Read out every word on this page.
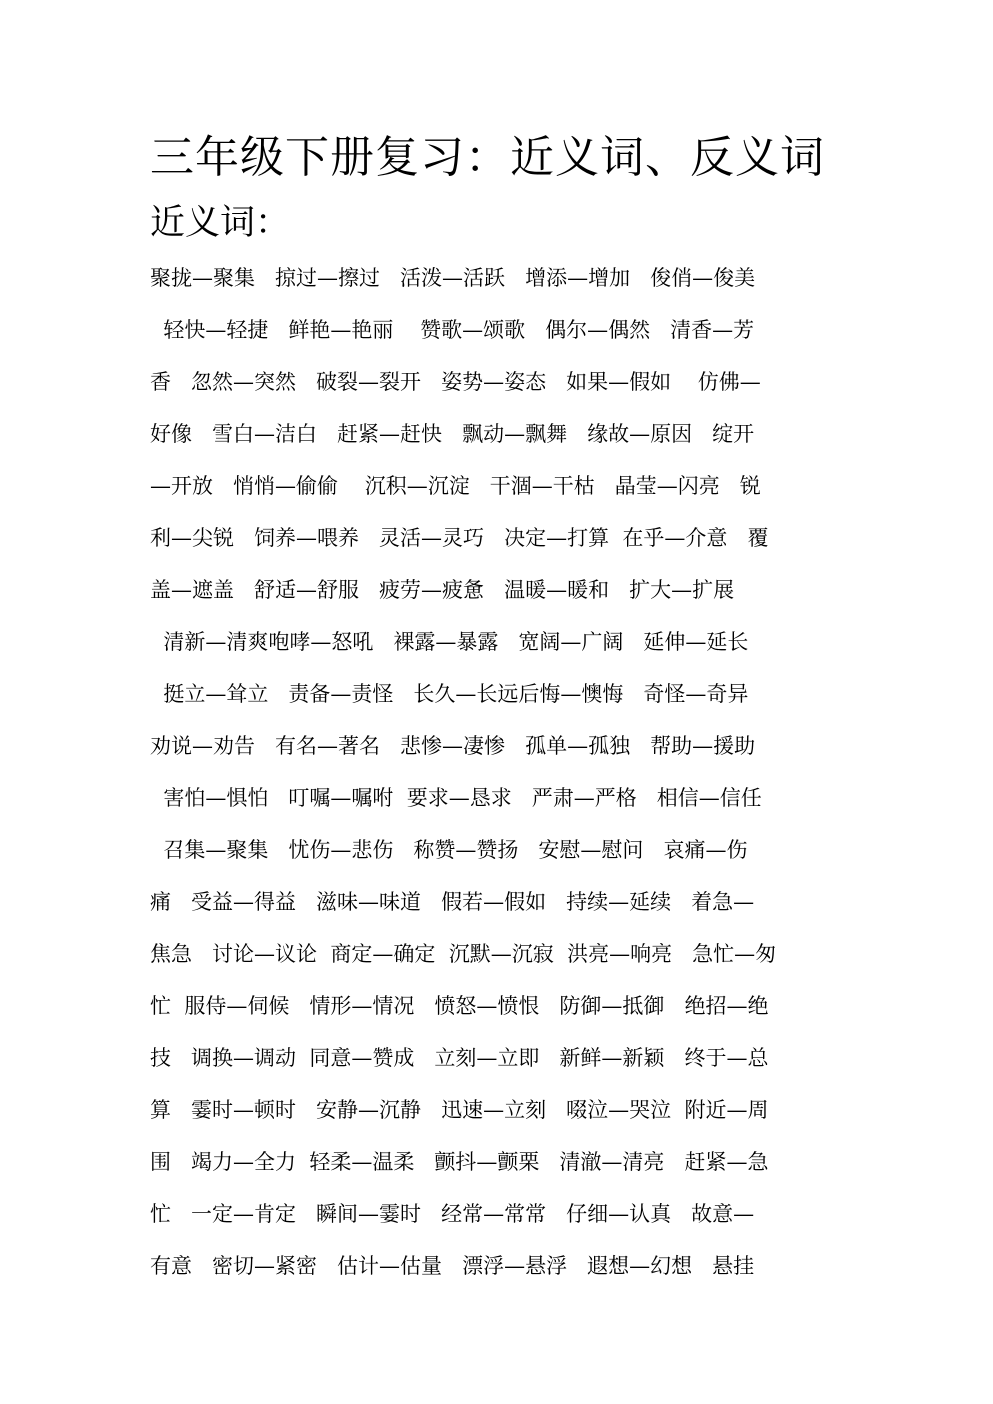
三年级下册复习：近义词、反义词
近义词：
聚拢—聚集   掠过—擦过   活泼—活跃   增添—增加   俊俏—俊美
轻快—轻捷   鲜艳—艳丽    赞歌—颂歌   偶尔—偶然   清香—芳
香   忽然—突然   破裂—裂开   姿势—姿态   如果—假如    仿佛—
好像   雪白—洁白   赶紧—赶快   飘动—飘舞   缘故—原因   绽开
—开放   悄悄—偷偷    沉积—沉淀   干涸—干枯   晶莹—闪亮   锐
利—尖锐   饲养—喂养   灵活—灵巧   决定—打算  在乎—介意   覆
盖—遮盖   舒适—舒服   疲劳—疲惫   温暖—暖和   扩大—扩展
清新—清爽咆哮—怒吼   裸露—暴露   宽阔—广阔   延伸—延长
挺立—耸立   责备—责怪   长久—长远后悔—懊悔   奇怪—奇异
劝说—劝告   有名—著名   悲惨—凄惨   孤单—孤独   帮助—援助
害怕—惧怕   叮嘱—嘱咐  要求—恳求   严肃—严格   相信—信任
召集—聚集   忧伤—悲伤   称赞—赞扬   安慰—慰问   哀痛—伤
痛   受益—得益   滋味—味道   假若—假如   持续—延续   着急—
焦急   讨论—议论  商定—确定  沉默—沉寂  洪亮—响亮   急忙—匆
忙  服侍—伺候   情形—情况   愤怒—愤恨   防御—抵御   绝招—绝
技   调换—调动  同意—赞成   立刻—立即   新鲜—新颖   终于—总
算   霎时—顿时   安静—沉静   迅速—立刻   啜泣—哭泣  附近—周
围   竭力—全力  轻柔—温柔   颤抖—颤栗   清澈—清亮   赶紧—急
忙   一定—肯定   瞬间—霎时   经常—常常   仔细—认真   故意—
有意   密切—紧密   估计—估量   漂浮—悬浮   遐想—幻想   悬挂
